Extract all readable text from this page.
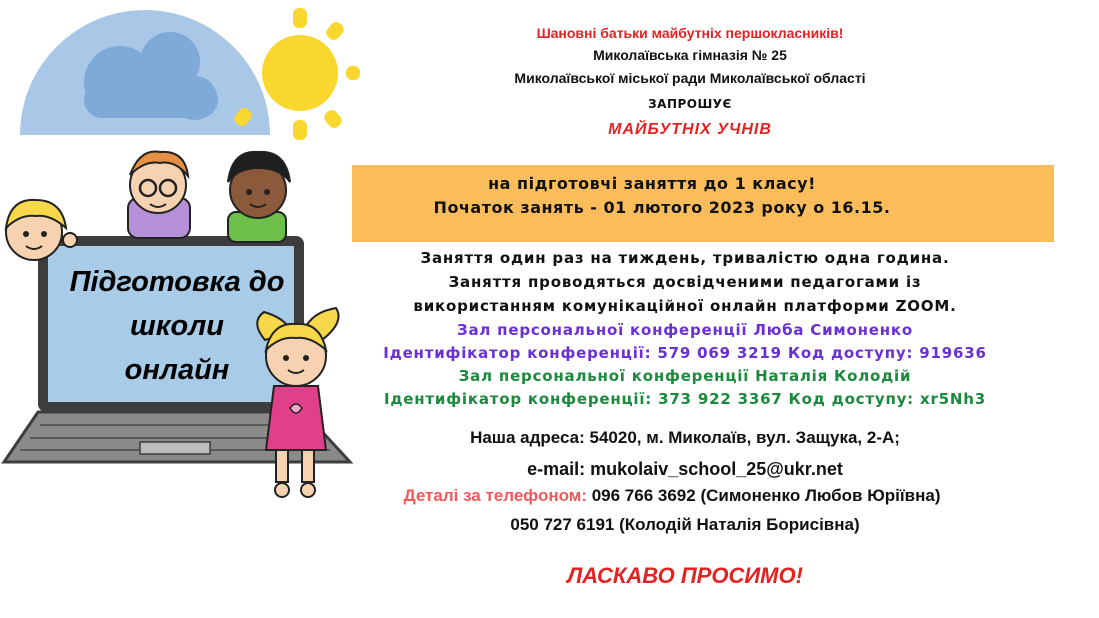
Підготовка до
школи
онлайн
Шановні батьки майбутніх першокласників!
Миколаївська гімназія № 25
Миколаївської міської ради Миколаївської області
ЗАПРОШУЄ
МАЙБУТНІХ УЧНІВ
на підготовчі заняття до 1 класу!
Початок занять - 01 лютого 2023 року о 16.15.
Заняття один раз на тиждень, тривалістю одна година.
Заняття проводяться досвідченими педагогами із
використанням комунікаційної онлайн платформи ZOOM.
Зал персональної конференції Люба Симоненко
Ідентифікатор конференції: 579 069 3219 Код доступу: 919636
Зал персональної конференції Наталія Колодій
Ідентифікатор конференції: 373 922 3367 Код доступу: xr5Nh3
Наша адреса: 54020, м. Миколаїв, вул. Защука, 2-А;
e-mail: mukolaiv_school_25@ukr.net
Деталі за телефоном: 096 766 3692 (Симоненко Любов Юріївна)
050 727 6191 (Колодій Наталія Борисівна)
ЛАСКАВО ПРОСИМО!
